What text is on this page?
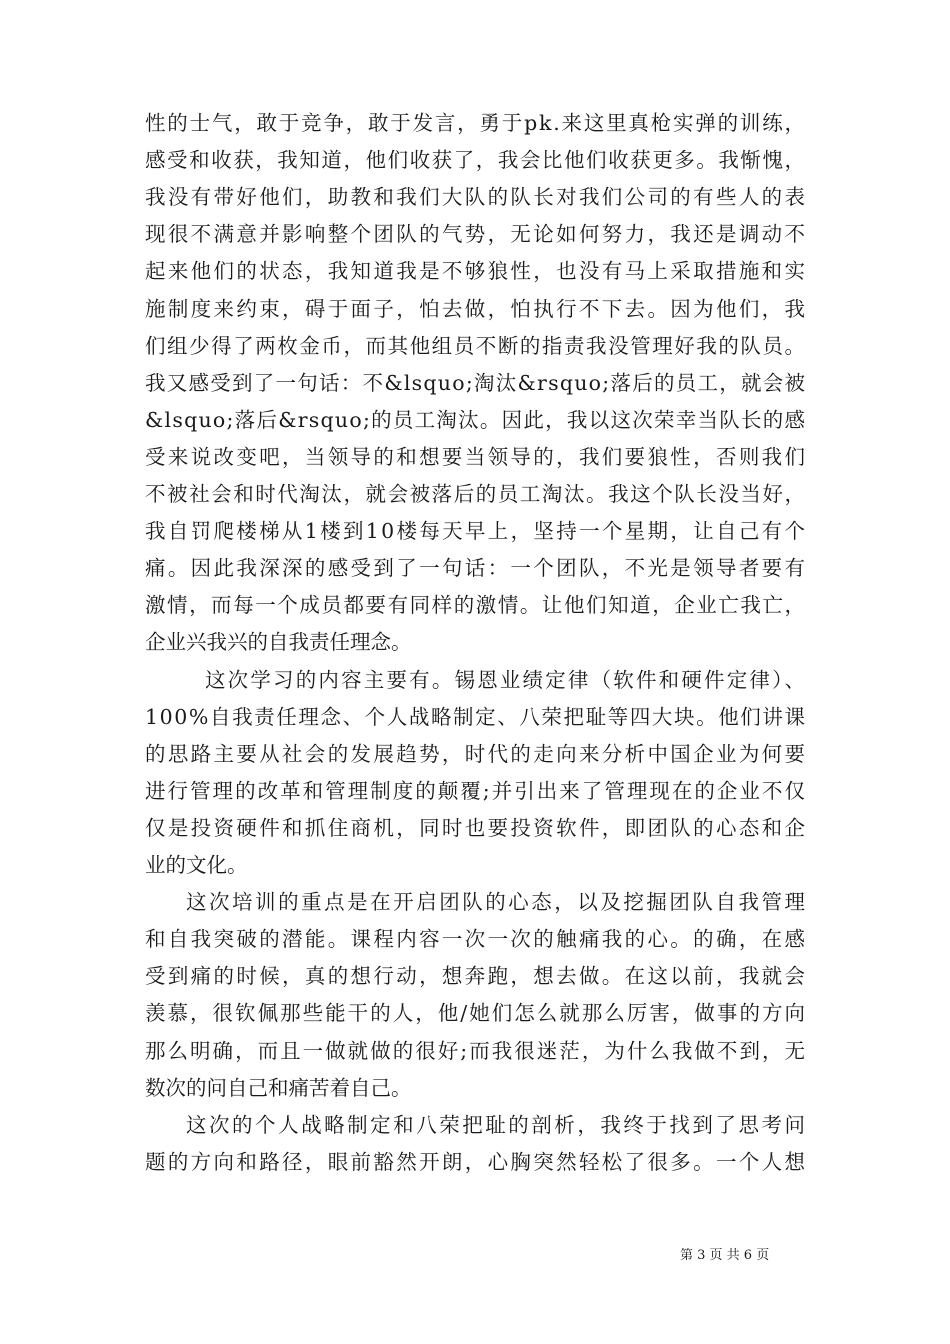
性的士气，敢于竞争，敢于发言，勇于pk.来这里真枪实弹的训练，
感受和收获，我知道，他们收获了，我会比他们收获更多。我惭愧，
我没有带好他们，助教和我们大队的队长对我们公司的有些人的表
现很不满意并影响整个团队的气势，无论如何努力，我还是调动不
起来他们的状态，我知道我是不够狼性，也没有马上采取措施和实
施制度来约束，碍于面子，怕去做，怕执行不下去。因为他们，我
们组少得了两枚金币，而其他组员不断的指责我没管理好我的队员。
我又感受到了一句话：不&lsquo;淘汰&rsquo;落后的员工，就会被
&lsquo;落后&rsquo;的员工淘汰。因此，我以这次荣幸当队长的感
受来说改变吧，当领导的和想要当领导的，我们要狼性，否则我们
不被社会和时代淘汰，就会被落后的员工淘汰。我这个队长没当好，
我自罚爬楼梯从1楼到10楼每天早上，坚持一个星期，让自己有个
痛。因此我深深的感受到了一句话：一个团队，不光是领导者要有
激情，而每一个成员都要有同样的激情。让他们知道，企业亡我亡，
企业兴我兴的自我责任理念。
这次学习的内容主要有。锡恩业绩定律（软件和硬件定律）、
100%自我责任理念、个人战略制定、八荣把耻等四大块。他们讲课
的思路主要从社会的发展趋势，时代的走向来分析中国企业为何要
进行管理的改革和管理制度的颠覆;并引出来了管理现在的企业不仅
仅是投资硬件和抓住商机，同时也要投资软件，即团队的心态和企
业的文化。
这次培训的重点是在开启团队的心态，以及挖掘团队自我管理
和自我突破的潜能。课程内容一次一次的触痛我的心。的确，在感
受到痛的时候，真的想行动，想奔跑，想去做。在这以前，我就会
羡慕，很钦佩那些能干的人，他/她们怎么就那么厉害，做事的方向
那么明确，而且一做就做的很好;而我很迷茫，为什么我做不到，无
数次的问自己和痛苦着自己。
这次的个人战略制定和八荣把耻的剖析，我终于找到了思考问
题的方向和路径，眼前豁然开朗，心胸突然轻松了很多。一个人想
第 3 页 共 6 页
